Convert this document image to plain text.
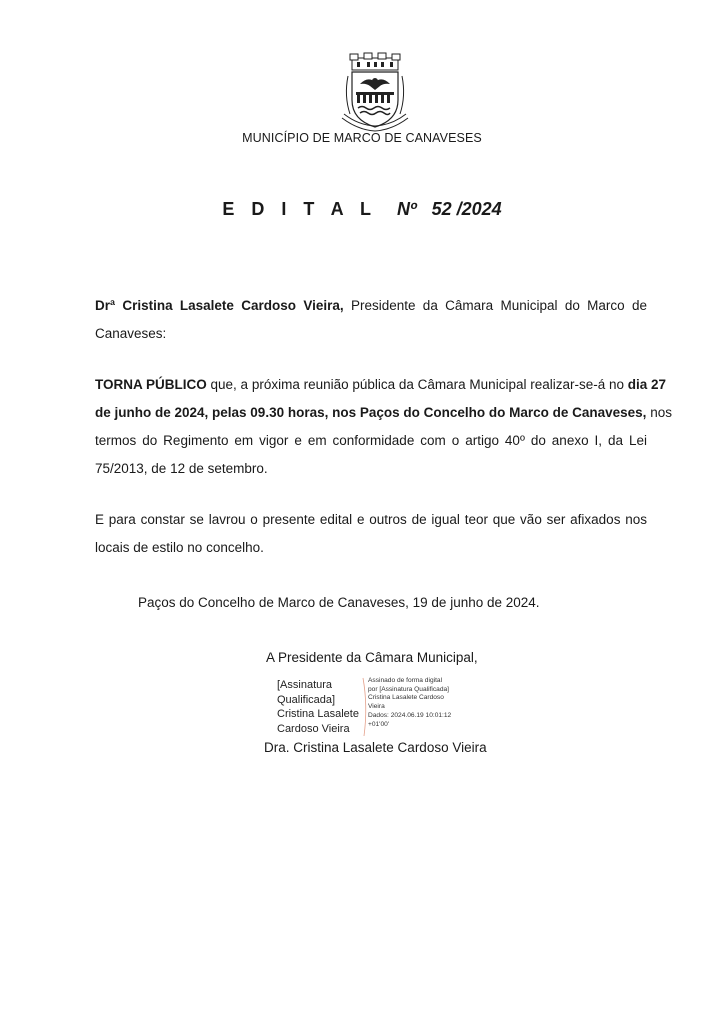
MUNICÍPIO DE MARCO DE CANAVESES
E D I T A L Nº   52 /2024
Drª Cristina Lasalete Cardoso Vieira, Presidente da Câmara Municipal do Marco de
Canaveses:
TORNA PÚBLICO que, a próxima reunião pública da Câmara Municipal realizar-se-á no dia 27
de junho de 2024, pelas 09.30 horas, nos Paços do Concelho do Marco de Canaveses, nos
termos do Regimento em vigor e em conformidade com o artigo 40º do anexo I, da Lei
75/2013, de 12 de setembro.
E para constar se lavrou o presente edital e outros de igual teor que vão ser afixados nos
locais de estilo no concelho.
Paços do Concelho de Marco de Canaveses, 19 de junho de 2024.
A Presidente da Câmara Municipal,
[Assinatura
Qualificada]
Cristina Lasalete
Cardoso Vieira
Assinado de forma digital
por [Assinatura Qualificada]
Cristina Lasalete Cardoso
Vieira
Dados: 2024.06.19 10:01:12
+01'00'
Dra. Cristina Lasalete Cardoso Vieira
